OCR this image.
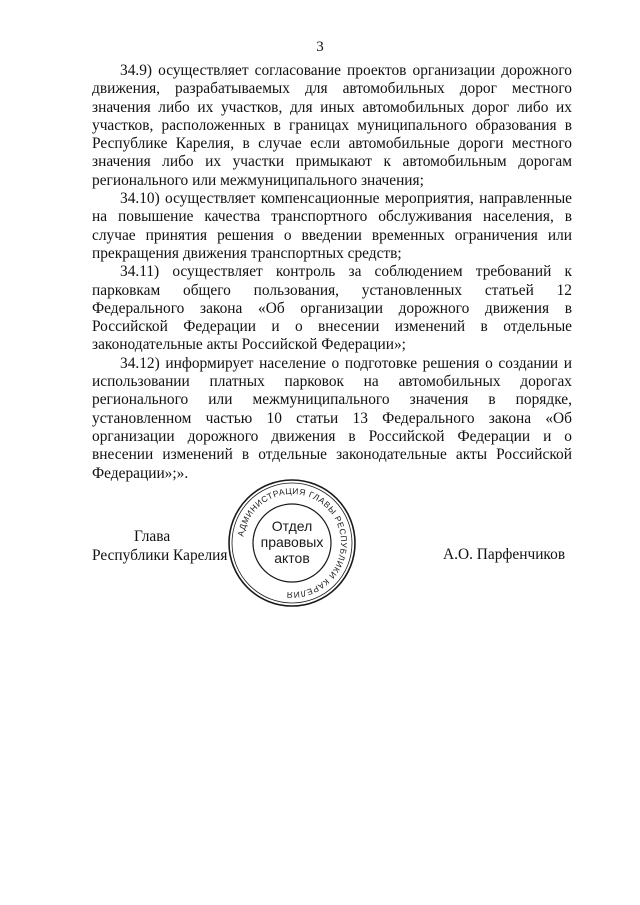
3

34.9) осуществляет согласование проектов организации дорожного движения, разрабатываемых для автомобильных дорог местного значения либо их участков, для иных автомобильных дорог либо их участков, расположенных в границах муниципального образования в Республике Карелия, в случае если автомобильные дороги местного значения либо их участки примыкают к автомобильным дорогам регионального или межмуниципального значения;

34.10) осуществляет компенсационные мероприятия, направленные на повышение качества транспортного обслуживания населения, в случае принятия решения о введении временных ограничения или прекращения движения транспортных средств;

34.11) осуществляет контроль за соблюдением требований к парковкам общего пользования, установленных статьей 12 Федерального закона «Об организации дорожного движения в Российской Федерации и о внесении изменений в отдельные законодательные акты Российской Федерации»;

34.12) информирует население о подготовке решения о создании и использовании платных парковок на автомобильных дорогах регионального или межмуниципального значения в порядке, установленном частью 10 статьи 13 Федерального закона «Об организации дорожного движения в Российской Федерации и о внесении изменений в отдельные законодательные акты Российской Федерации»;».

Глава
Республики Карелия	А.О. Парфенчиков
АДМИНИСТРАЦИЯ ГЛАВЫ РЕСПУБЛИКИ КАРЕЛИЯ
Отдел
правовых
актов
